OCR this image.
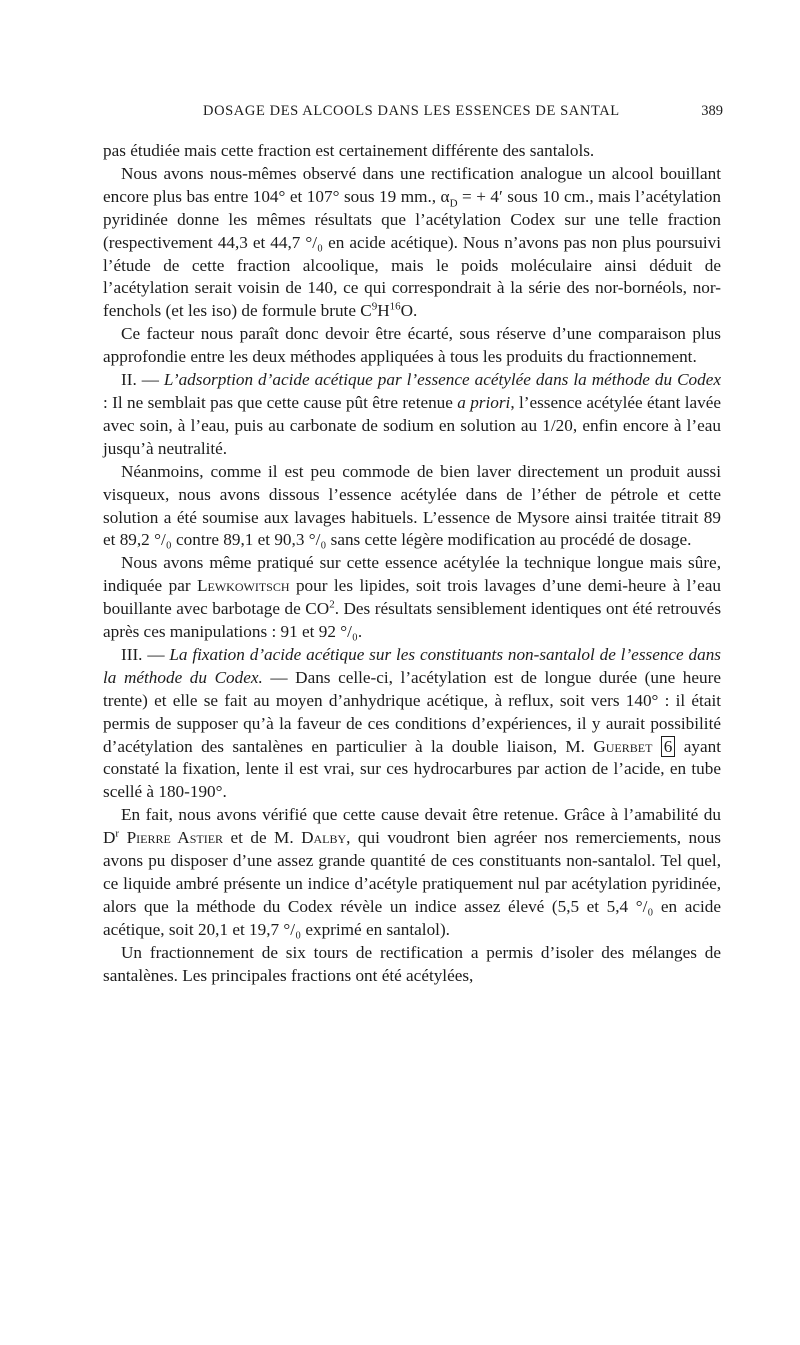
DOSAGE DES ALCOOLS DANS LES ESSENCES DE SANTAL	389

pas étudiée mais cette fraction est certainement différente des santalols.

Nous avons nous-mêmes observé dans une rectification analogue un alcool bouillant encore plus bas entre 104° et 107° sous 19 mm., $\alpha_D$ = + 4′ sous 10 cm., mais l’acétylation pyridinée donne les mêmes résultats que l’acétylation Codex sur une telle fraction (respectivement 44,3 et 44,7 °/₀ en acide acétique). Nous n’avons pas non plus poursuivi l’étude de cette fraction alcoolique, mais le poids moléculaire ainsi déduit de l’acétylation serait voisin de 140, ce qui correspondrait à la série des nor-bornéols, nor-fenchols (et les iso) de formule brute $C^9H^{16}O$.

Ce facteur nous paraît donc devoir être écarté, sous réserve d’une comparaison plus approfondie entre les deux méthodes appliquées à tous les produits du fractionnement.

II. — L’adsorption d’acide acétique par l’essence acétylée dans la méthode du Codex : Il ne semblait pas que cette cause pût être retenue a priori, l’essence acétylée étant lavée avec soin, à l’eau, puis au carbonate de sodium en solution au 1/20, enfin encore à l’eau jusqu’à neutralité.

Néanmoins, comme il est peu commode de bien laver directement un produit aussi visqueux, nous avons dissous l’essence acétylée dans de l’éther de pétrole et cette solution a été soumise aux lavages habituels. L’essence de Mysore ainsi traitée titrait 89 et 89,2 °/₀ contre 89,1 et 90,3 °/₀ sans cette légère modification au procédé de dosage.

Nous avons même pratiqué sur cette essence acétylée la technique longue mais sûre, indiquée par Lewkowitsch pour les lipides, soit trois lavages d’une demi-heure à l’eau bouillante avec barbotage de $CO^2$. Des résultats sensiblement identiques ont été retrouvés après ces manipulations : 91 et 92 °/₀.

III. — La fixation d’acide acétique sur les constituants non-santalol de l’essence dans la méthode du Codex. — Dans celle-ci, l’acétylation est de longue durée (une heure trente) et elle se fait au moyen d’anhydrique acétique, à reflux, soit vers 140° : il était permis de supposer qu’à la faveur de ces conditions d’expériences, il y aurait possibilité d’acétylation des santalènes en particulier à la double liaison, M. Guerbet 6 ayant constaté la fixation, lente il est vrai, sur ces hydrocarbures par action de l’acide, en tube scellé à 180-190°.

En fait, nous avons vérifié que cette cause devait être retenue. Grâce à l’amabilité du $D^r$ Pierre Astier et de M. Dalby, qui voudront bien agréer nos remerciements, nous avons pu disposer d’une assez grande quantité de ces constituants non-santalol. Tel quel, ce liquide ambré présente un indice d’acétyle pratiquement nul par acétylation pyridinée, alors que la méthode du Codex révèle un indice assez élevé (5,5 et 5,4 °/₀ en acide acétique, soit 20,1 et 19,7 °/₀ exprimé en santalol).

Un fractionnement de six tours de rectification a permis d’isoler des mélanges de santalènes. Les principales fractions ont été acétylées,
